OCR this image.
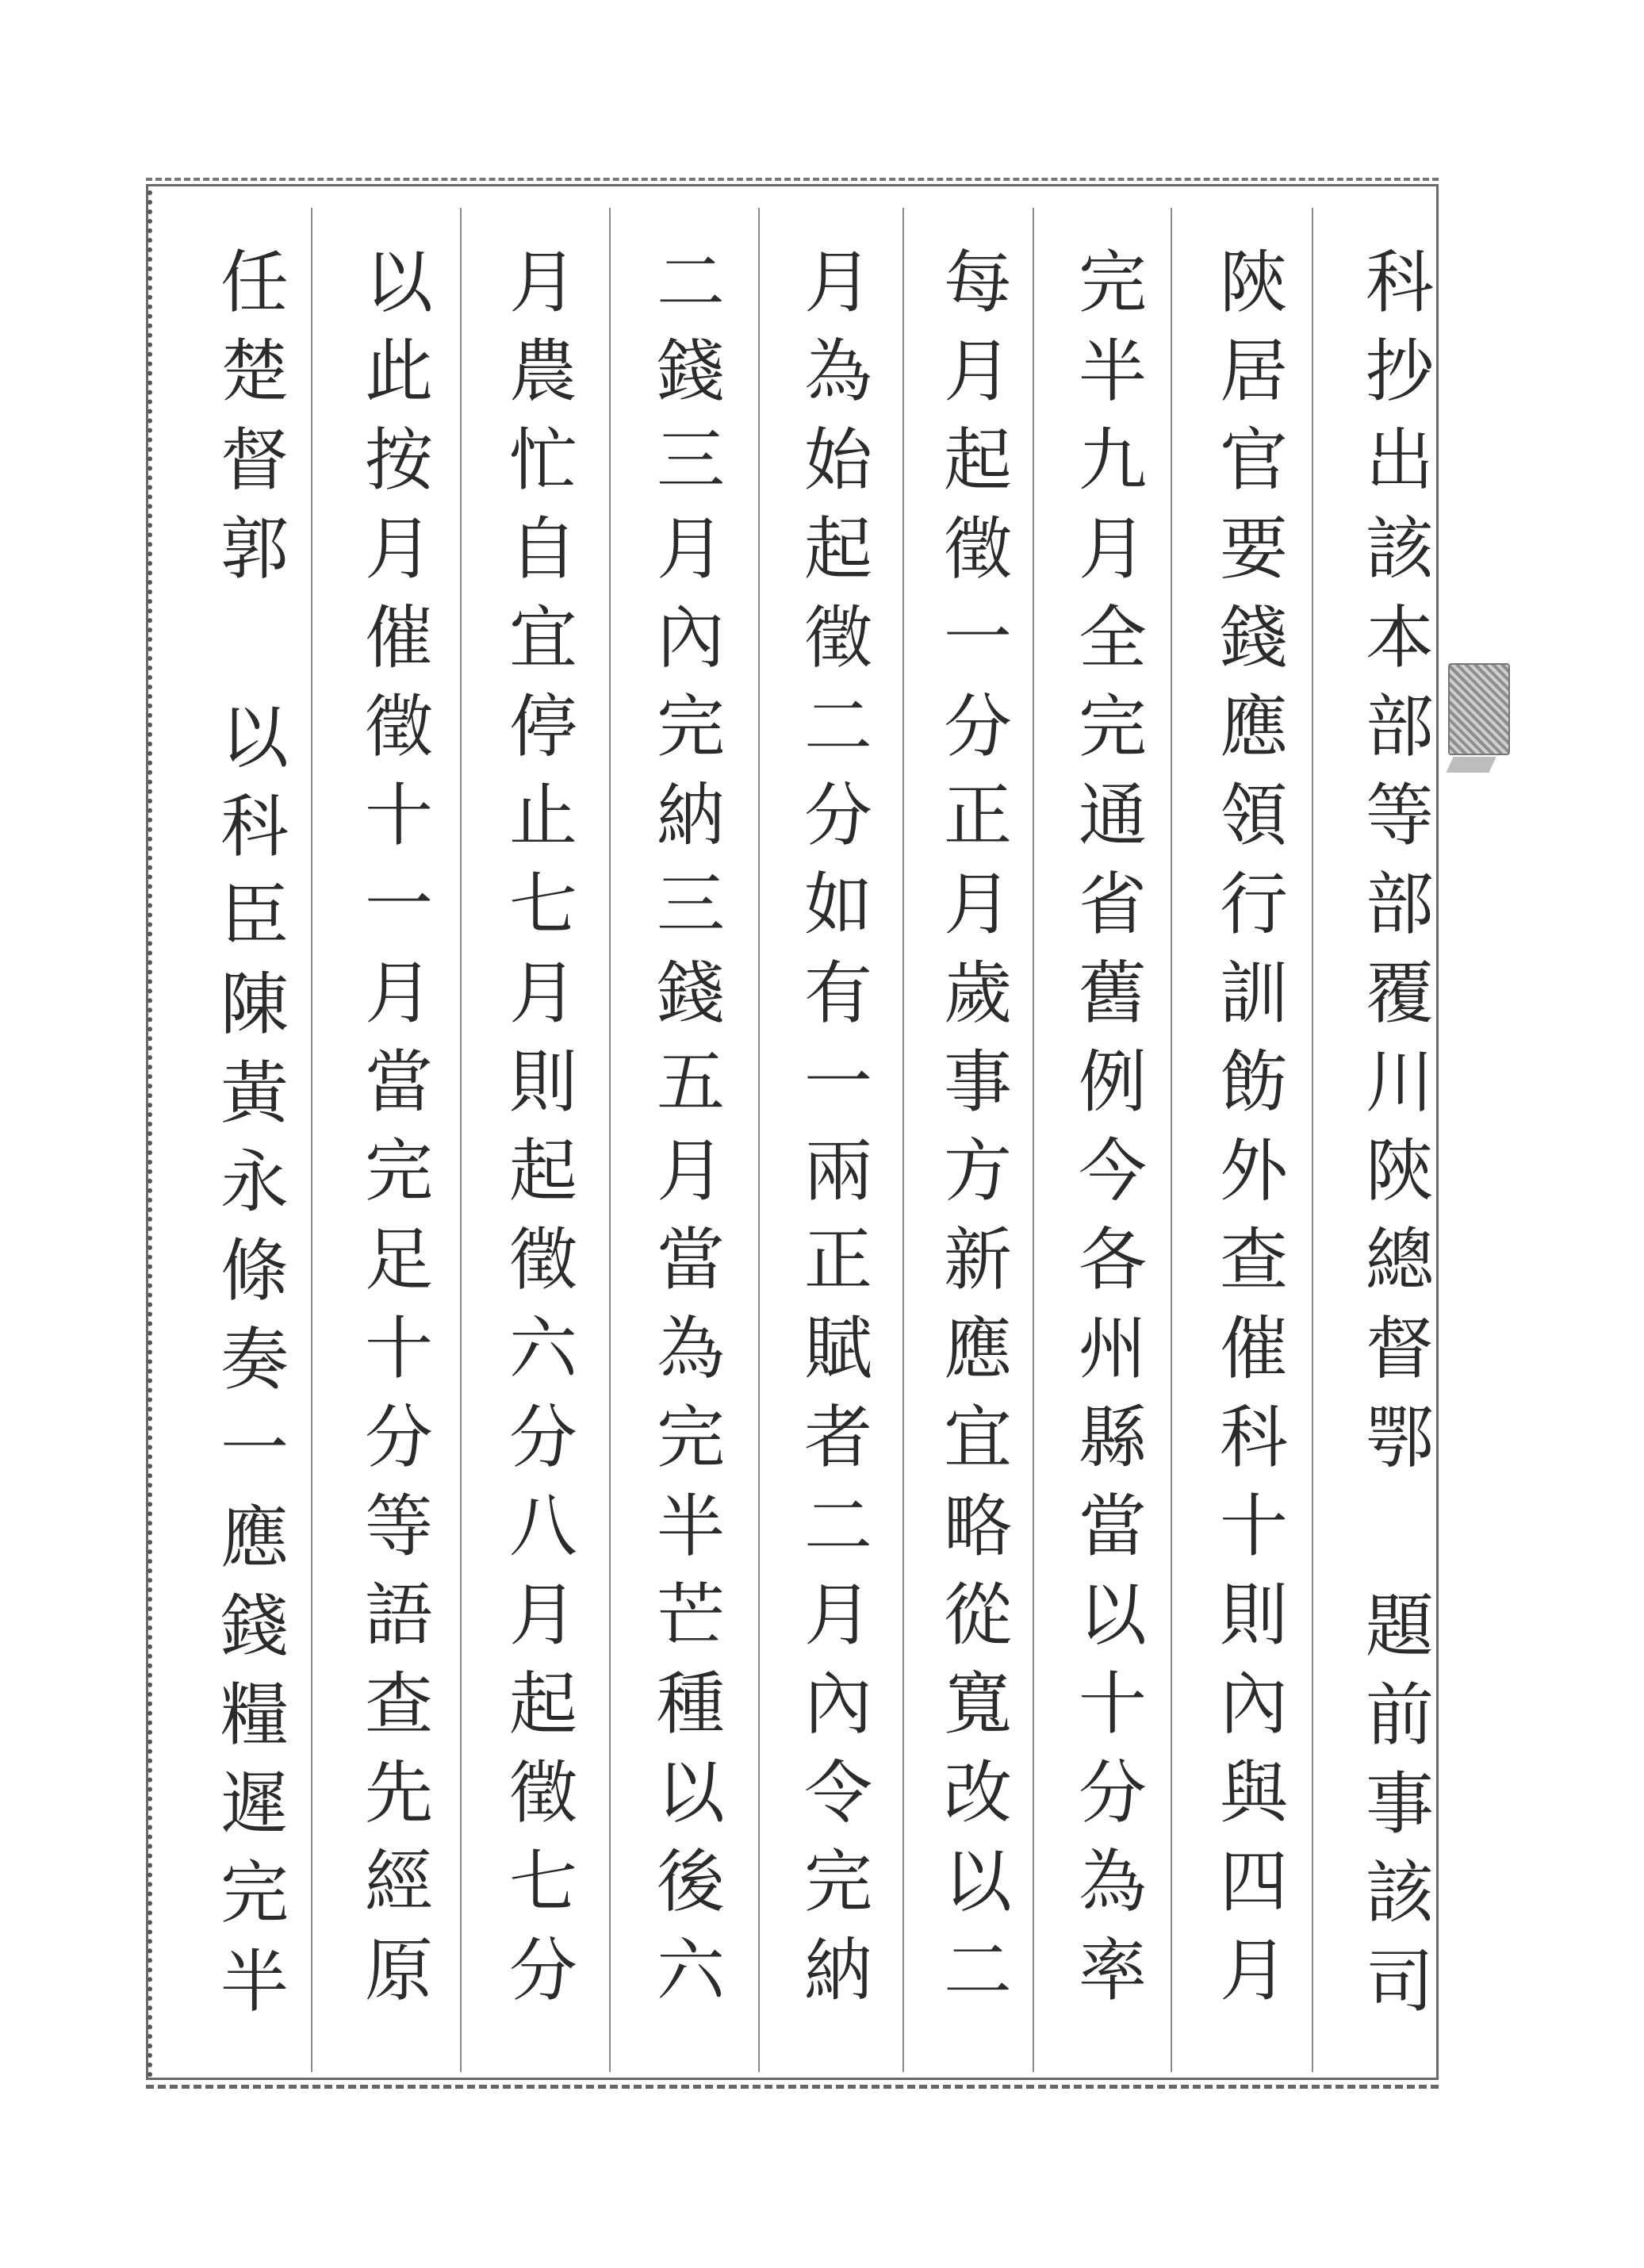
科抄出該本部等部覆川陝總督鄂 題前事該司
陝居官要錢應領行訓飭外查催科十則內與四月
完半九月全完通省舊例今各州縣當以十分為率
每月起徵一分正月歲事方新應宜略從寬改以二
月為始起徵二分如有一兩正賦者二月內令完納
二錢三月內完納三錢五月當為完半芒種以後六
月農忙自宜停止七月則起徵六分八月起徵七分
以此按月催徵十一月當完足十分等語查先經原
任楚督郭 以科臣陳黃永條奏一應錢糧遲完半
